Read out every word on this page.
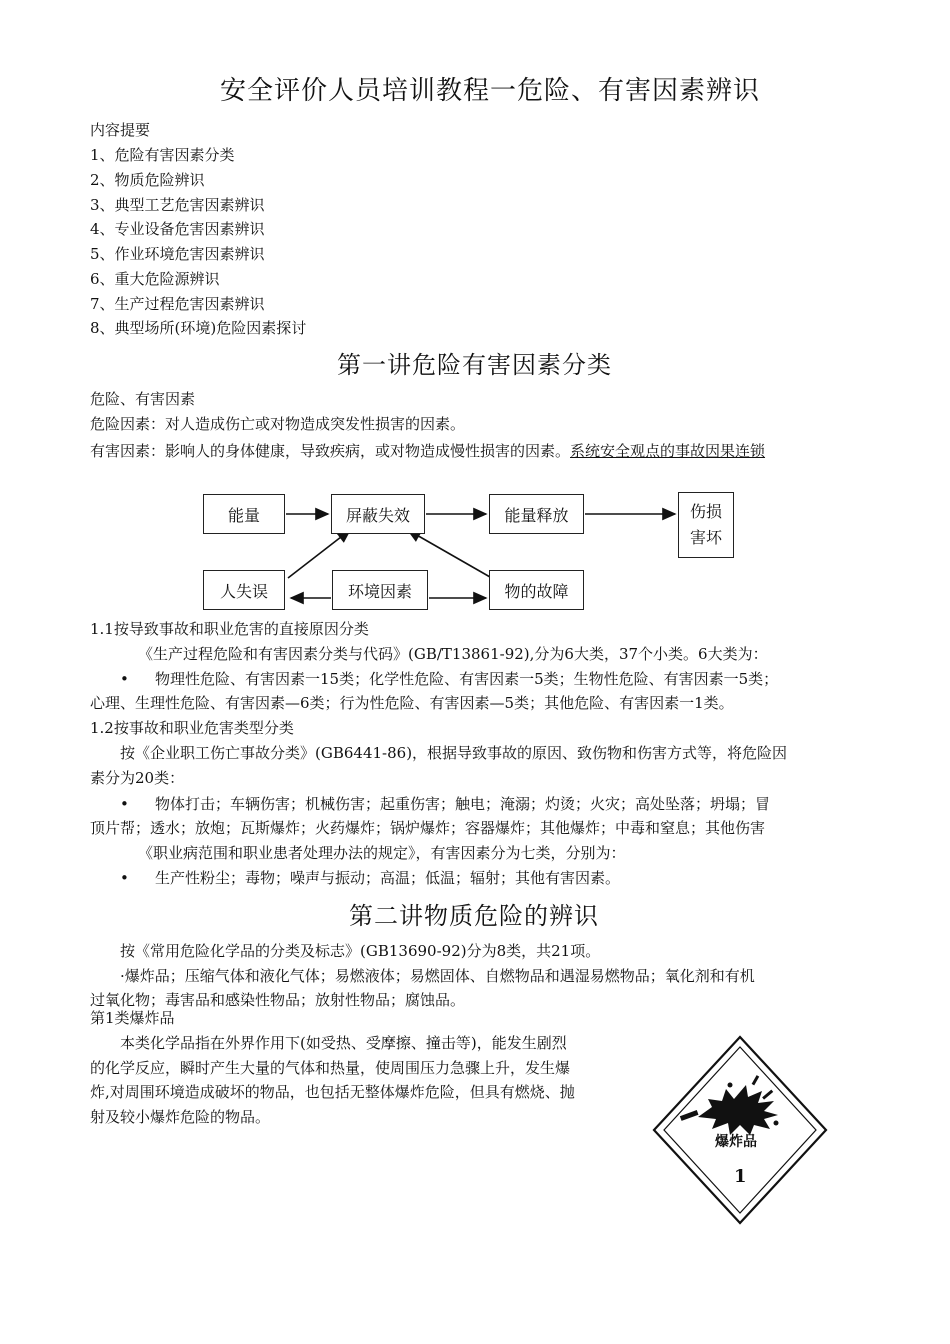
安全评价人员培训教程一危险、有害因素辨识
内容提要
1、危险有害因素分类
2、物质危险辨识
3、典型工艺危害因素辨识
4、专业设备危害因素辨识
5、作业环境危害因素辨识
6、重大危险源辨识
7、生产过程危害因素辨识
8、典型场所(环境)危险因素探讨
第一讲危险有害因素分类
危险、有害因素
危险因素：对人造成伤亡或对物造成突发性损害的因素。
有害因素：影响人的身体健康，导致疾病，或对物造成慢性损害的因素。系统安全观点的事故因果连锁
能量	屏蔽失效	能量释放	伤损
害坏
人失误	环境因素	物的故障
1.1按导致事故和职业危害的直接原因分类
《生产过程危险和有害因素分类与代码》(GB/T13861-92),分为6大类，37个小类。6大类为：
• 物理性危险、有害因素一15类；化学性危险、有害因素一5类；生物性危险、有害因素一5类；
心理、生理性危险、有害因素—6类；行为性危险、有害因素—5类；其他危险、有害因素一1类。
1.2按事故和职业危害类型分类
按《企业职工伤亡事故分类》(GB6441-86)，根据导致事故的原因、致伤物和伤害方式等，将危险因
素分为20类：
• 物体打击；车辆伤害；机械伤害；起重伤害；触电；淹溺；灼烫；火灾；高处坠落；坍塌；冒
顶片帮；透水；放炮；瓦斯爆炸；火药爆炸；锅炉爆炸；容器爆炸；其他爆炸；中毒和窒息；其他伤害
《职业病范围和职业患者处理办法的规定》，有害因素分为七类，分别为：
• 生产性粉尘；毒物；噪声与振动；高温；低温；辐射；其他有害因素。
第二讲物质危险的辨识
按《常用危险化学品的分类及标志》(GB13690-92)分为8类，共21项。
·爆炸品；压缩气体和液化气体；易燃液体；易燃固体、自燃物品和遇湿易燃物品；氧化剂和有机
过氧化物；毒害品和感染性物品；放射性物品；腐蚀品。
第1类爆炸品
本类化学品指在外界作用下(如受热、受摩擦、撞击等)，能发生剧烈
的化学反应，瞬时产生大量的气体和热量，使周围压力急骤上升，发生爆
炸,对周围环境造成破坏的物品，也包括无整体爆炸危险，但具有燃烧、抛
射及较小爆炸危险的物品。
爆炸品
1
